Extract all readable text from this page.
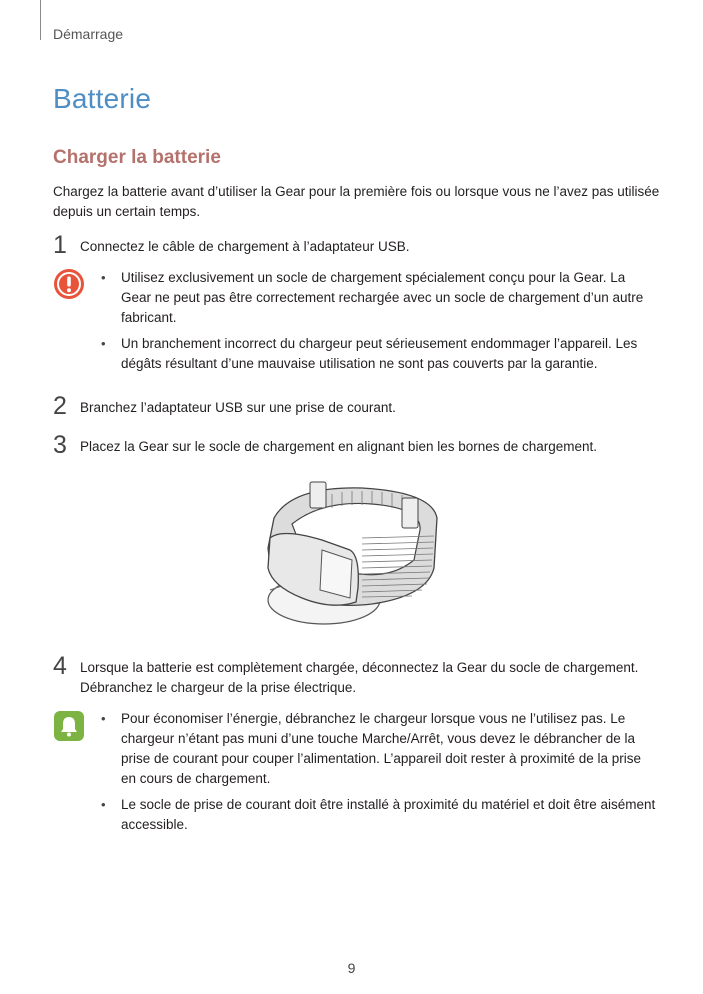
Démarrage
Batterie
Charger la batterie

Chargez la batterie avant d’utiliser la Gear pour la première fois ou lorsque vous ne l’avez pas utilisée depuis un certain temps.

1 Connectez le câble de chargement à l’adaptateur USB.
• Utilisez exclusivement un socle de chargement spécialement conçu pour la Gear. La Gear ne peut pas être correctement rechargée avec un socle de chargement d’un autre fabricant.
• Un branchement incorrect du chargeur peut sérieusement endommager l’appareil. Les dégâts résultant d’une mauvaise utilisation ne sont pas couverts par la garantie.
2 Branchez l’adaptateur USB sur une prise de courant.
3 Placez la Gear sur le socle de chargement en alignant bien les bornes de chargement.
4 Lorsque la batterie est complètement chargée, déconnectez la Gear du socle de chargement. Débranchez le chargeur de la prise électrique.
• Pour économiser l’énergie, débranchez le chargeur lorsque vous ne l’utilisez pas. Le chargeur n’étant pas muni d’une touche Marche/Arrêt, vous devez le débrancher de la prise de courant pour couper l’alimentation. L’appareil doit rester à proximité de la prise en cours de chargement.
• Le socle de prise de courant doit être installé à proximité du matériel et doit être aisément accessible.
9
